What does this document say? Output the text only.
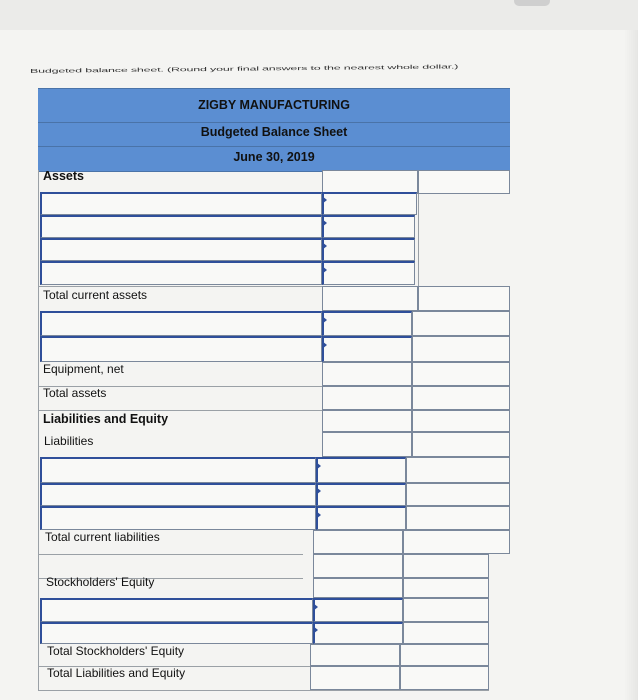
Budgeted balance sheet. (Round your final answers to the nearest whole dollar.)
ZIGBY MANUFACTURING
Budgeted Balance Sheet
June 30, 2019
Assets
Total current assets
Equipment, net
Total assets
Liabilities and Equity
Liabilities
Total current liabilities
Stockholders' Equity
Total Stockholders' Equity
Total Liabilities and Equity
